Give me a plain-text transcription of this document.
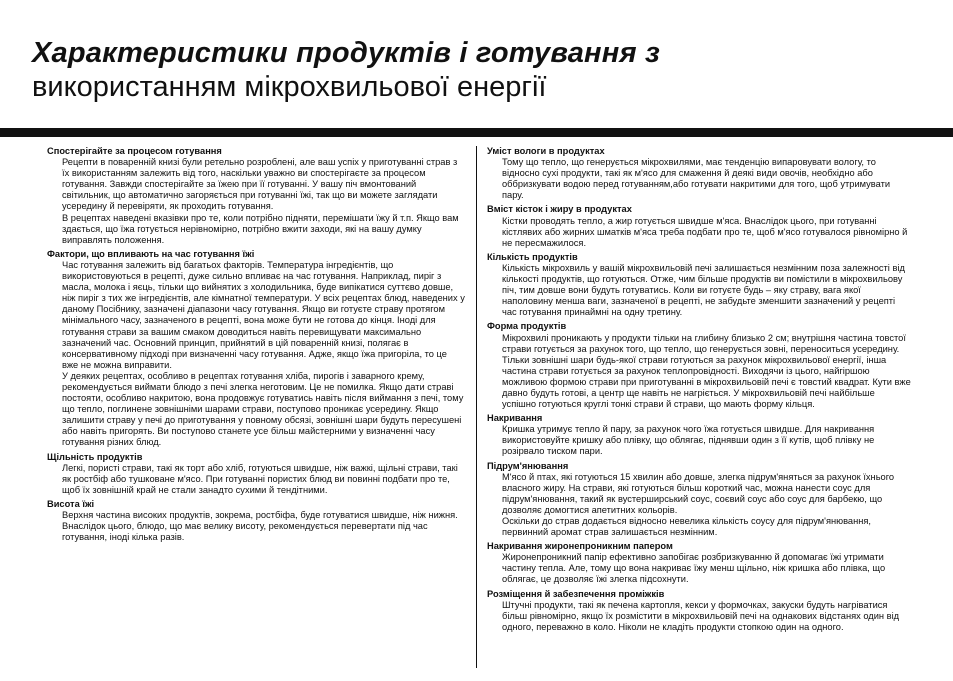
Характеристики продуктів і готування з
використанням мікрохвильової енергії
Спостерігайте за процесом готування

Рецепти в поваренній книзі були ретельно розроблені, але ваш успіх у приготуванні страв з їх використанням залежить від того, наскільки уважно ви спостерігаєте за процесом готування. Завжди спостерігайте за їжею при її готуванні. У вашу піч вмонтований світильник, що автоматично загоряється при готуванні їжі, так що ви можете заглядати усередину й перевіряти, як проходить готування.

В рецептах наведені вказівки про те, коли потрібно підняти, перемішати їжу й т.п. Якщо вам здається, що їжа готується нерівномірно, потрібно вжити заходи, які на вашу думку виправлять положення.

Фактори, що впливають на час готування їжі

Час готування залежить від багатьох факторів. Температура інгредієнтів, що використовуються в рецепті, дуже сильно впливає на час готування. Наприклад, пиріг з масла, молока і яєць, тільки що вийнятих з холодильника, буде випікатися суттєво довше, ніж пиріг з тих же інгредієнтів, але кімнатної температури. У всіх рецептах блюд, наведених у даному Посібнику, зазначені діапазони часу готування. Якщо ви готуєте страву протягом мінімального часу, зазначеного в рецепті, вона може бути не готова до кінця. Іноді для готування страви за вашим смаком доводиться навіть перевищувати максимально зазначений час. Основний принцип, прийнятий в цій поваренній книзі, полягає в консервативному підході при визначенні часу готування. Адже, якщо їжа пригоріла, то це вже не можна виправити.

У деяких рецептах, особливо в рецептах готування хліба, пирогів і заварного крему, рекомендується виймати блюдо з печі злегка неготовим. Це не помилка. Якщо дати страві постояти, особливо накритою, вона продовжує готуватись навіть після виймання з печі, тому що тепло, поглинене зовнішніми шарами страви, поступово проникає усередину. Якщо залишити страву у печі до приготування у повному обсязі, зовнішні шари будуть пересушені або навіть пригорять. Ви поступово станете усе більш майстерними у визначенні часу готування різних блюд.

Щільність продуктів

Легкі, пористі страви, такі як торт або хліб, готуються швидше, ніж важкі, щільні страви, такі як ростбіф або тушковане м'ясо. При готуванні пористих блюд ви повинні подбати про те, щоб їх зовнішній край не стали занадто сухими й тендітними.

Висота їжі

Верхня частина високих продуктів, зокрема, ростбіфа, буде готуватися швидше, ніж нижня. Внаслідок цього, блюдо, що має велику висоту, рекомендується перевертати під час готування, іноді кілька разів.

Уміст вологи в продуктах

Тому що тепло, що генерується мікрохвилями, має тенденцію випаровувати вологу, то відносно сухі продукти, такі як м'ясо для смаження й деякі види овочів, необхідно або оббризкувати водою перед готуванням,або готувати накритими для того, щоб утримувати пару.

Вміст кісток і жиру в продуктах

Кістки проводять тепло, а жир готується швидше м'яса. Внаслідок цього, при готуванні кістлявих або жирних шматків м'яса треба подбати про те, щоб м'ясо готувалося рівномірно й не пересмажилося.

Кількість продуктів

Кількість мікрохвиль у вашій мікрохвильовій печі залишається незмінним поза залежності від кількості продуктів, що готуються. Отже, чим більше продуктів ви помістили в мікрохвильову піч, тим довше вони будуть готуватись. Коли ви готуєте будь – яку страву, вага якої наполовину менша ваги, зазначеної в рецепті, не забудьте зменшити зазначений у рецепті час готування принаймні на одну третину.

Форма продуктів

Мікрохвилі проникають у продукти тільки на глибину близько 2 см; внутрішня частина товстої страви готується за рахунок того, що тепло, що генерується зовні, переноситься усередину. Тільки зовнішні шари будь-якої страви готуються за рахунок мікрохвильової енергії, інша частина страви готується за рахунок теплопровідності. Виходячи із цього, найгіршою можливою формою страви при приготуванні в мікрохвильовій печі є товстий квадрат. Кути вже давно будуть готові, а центр ще навіть не нагріється. У мікрохвильовій печі найбільше успішно готуються круглі тонкі страви й страви, що мають форму кільця.

Накривання

Кришка утримує тепло й пару, за рахунок чого їжа готується швидше. Для накривання використовуйте кришку або плівку, що облягає, піднявши один з її кутів, щоб плівку не розірвало тиском пари.

Підрум'янювання

М'ясо й птах, які готуються 15 хвилин або довше, злегка підрум'яняться за рахунок їхнього власного жиру. На страви, які готуються більш короткий час, можна нанести соус для підрум'янювання, такий як вустерширський соус, соєвий соус або соус для барбекю, що дозволяє домогтися апетитних кольорів.

Оскільки до страв додається відносно невелика кількість соусу для підрум'янювання, первинний аромат страв залишається незмінним.

Накривання жиронепроникним папером

Жиронепроникний папір ефективно запобігає розбризкуванню й допомагає їжі утримати частину тепла. Але, тому що вона накриває їжу менш щільно, ніж кришка або плівка, що облягає, це дозволяє їжі злегка підсохнути.

Розміщення й забезпечення проміжків

Штучні продукти, такі як печена картопля, кекси у формочках, закуски будуть нагріватися більш рівномірно, якщо їх розмістити в мікрохвильовій печі на однакових відстанях один від одного, переважно в коло. Ніколи не кладіть продукти стопкою один на одного.
